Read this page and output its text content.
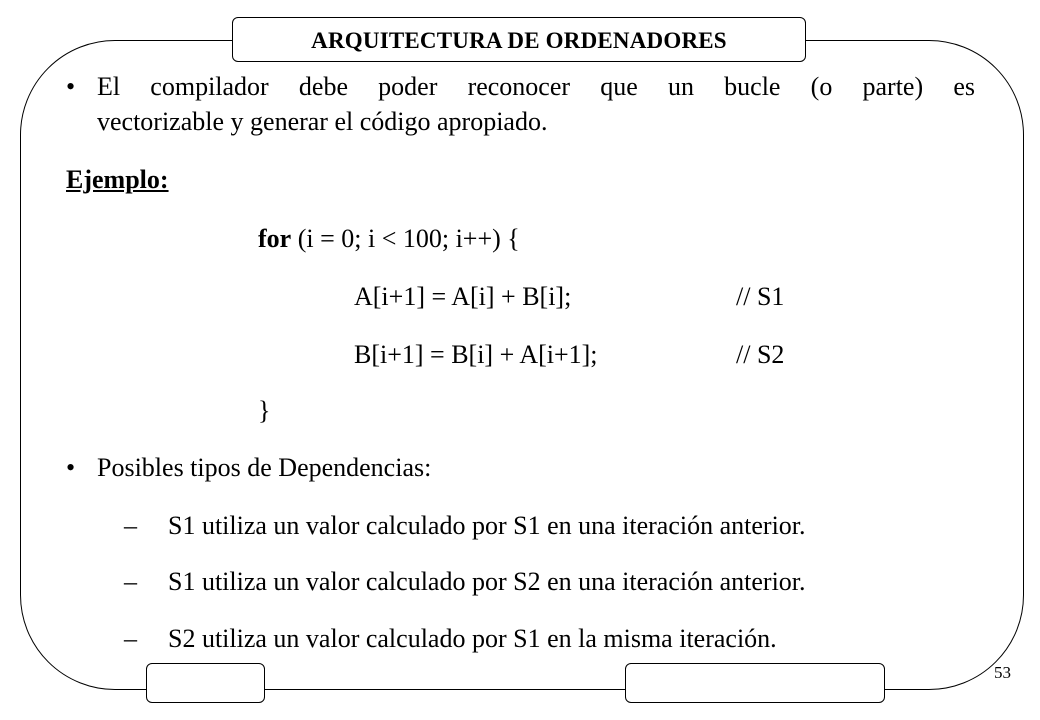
ARQUITECTURA DE ORDENADORES
• El compilador debe poder reconocer que un bucle (o parte) es
vectorizable y generar el código apropiado.
Ejemplo:
for (i = 0; i < 100; i++) {
A[i+1] = A[i] + B[i];	// S1
B[i+1] = B[i] + A[i+1];	// S2
}
• Posibles tipos de Dependencias:
– S1 utiliza un valor calculado por S1 en una iteración anterior.
– S1 utiliza un valor calculado por S2 en una iteración anterior.
– S2 utiliza un valor calculado por S1 en la misma iteración.
53
